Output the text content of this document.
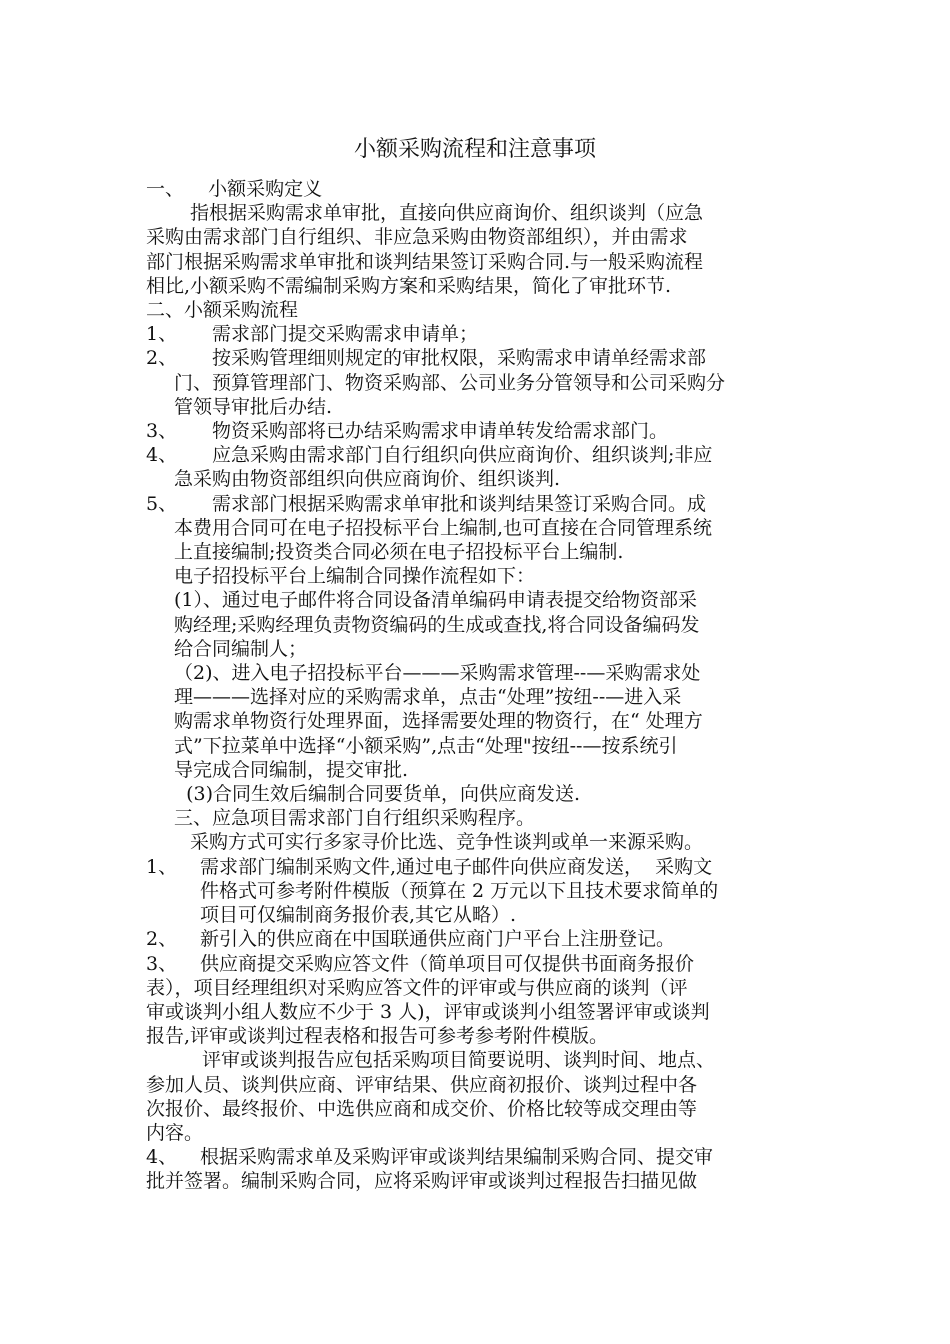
小额采购流程和注意事项

一、    小额采购定义

指根据采购需求单审批，直接向供应商询价、组织谈判（应急

采购由需求部门自行组织、非应急采购由物资部组织），并由需求

部门根据采购需求单审批和谈判结果签订采购合同.与一般采购流程

相比,小额采购不需编制采购方案和采购结果，简化了审批环节.

二、小额采购流程

1、	需求部门提交采购需求申请单；

2、	按采购管理细则规定的审批权限，采购需求申请单经需求部

门、预算管理部门、物资采购部、公司业务分管领导和公司采购分

管领导审批后办结.

3、	物资采购部将已办结采购需求申请单转发给需求部门。

4、	应急采购由需求部门自行组织向供应商询价、组织谈判;非应

急采购由物资部组织向供应商询价、组织谈判.

5、	需求部门根据采购需求单审批和谈判结果签订采购合同。成

本费用合同可在电子招投标平台上编制,也可直接在合同管理系统

上直接编制;投资类合同必须在电子招投标平台上编制.

电子招投标平台上编制合同操作流程如下：

(1）、通过电子邮件将合同设备清单编码申请表提交给物资部采

购经理;采购经理负责物资编码的生成或查找,将合同设备编码发

给合同编制人；

（2)、进入电子招投标平台———采购需求管理--—采购需求处

理———选择对应的采购需求单，点击“处理”按纽--—进入采

购需求单物资行处理界面，选择需要处理的物资行，在“ 处理方

式”下拉菜单中选择“小额采购”,点击“处理"按纽--—按系统引

导完成合同编制，提交审批.

(3)合同生效后编制合同要货单，向供应商发送.

三、应急项目需求部门自行组织采购程序。

采购方式可实行多家寻价比选、竞争性谈判或单一来源采购。

1、 需求部门编制采购文件,通过电子邮件向供应商发送，  采购文

件格式可参考附件模版（预算在 2 万元以下且技术要求简单的

项目可仅编制商务报价表,其它从略）.

2、 新引入的供应商在中国联通供应商门户平台上注册登记。

3、	供应商提交采购应答文件（简单项目可仅提供书面商务报价

表），项目经理组织对采购应答文件的评审或与供应商的谈判（评

审或谈判小组人数应不少于 3 人)，评审或谈判小组签署评审或谈判

报告,评审或谈判过程表格和报告可参考参考附件模版。

评审或谈判报告应包括采购项目简要说明、谈判时间、地点、

参加人员、谈判供应商、评审结果、供应商初报价、谈判过程中各

次报价、最终报价、中选供应商和成交价、价格比较等成交理由等

内容。

4、	根据采购需求单及采购评审或谈判结果编制采购合同、提交审

批并签署。编制采购合同，应将采购评审或谈判过程报告扫描见做
